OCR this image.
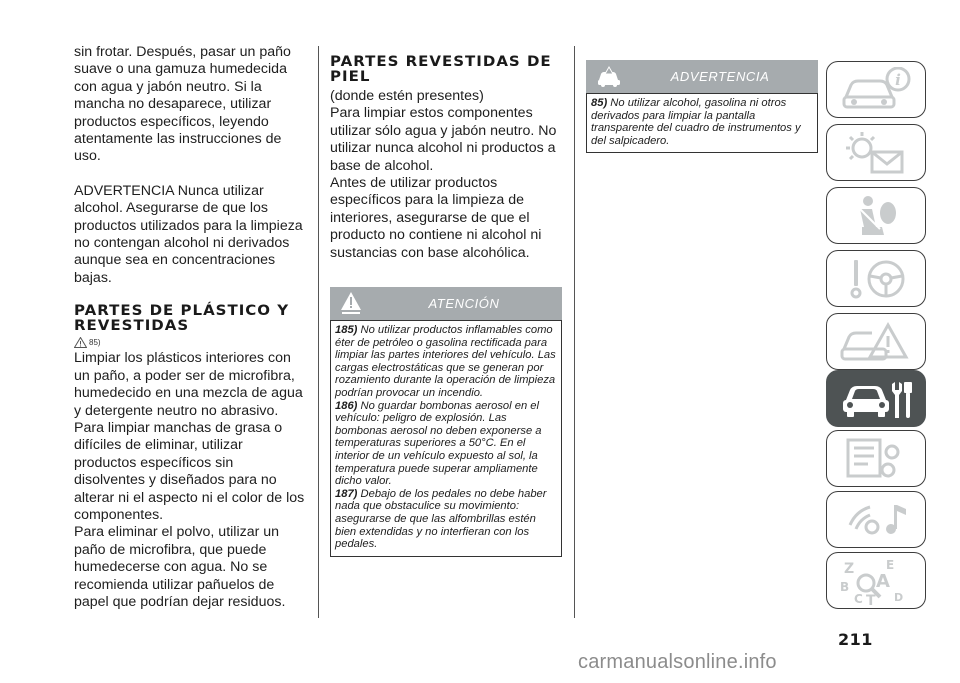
sin frotar. Después, pasar un paño suave o una gamuza humedecida con agua y jabón neutro. Si la mancha no desaparece, utilizar productos específicos, leyendo atentamente las instrucciones de uso.

ADVERTENCIA Nunca utilizar alcohol. Asegurarse de que los productos utilizados para la limpieza no contengan alcohol ni derivados aunque sea en concentraciones bajas.

PARTES DE PLÁSTICO Y REVESTIDAS
85)

Limpiar los plásticos interiores con un paño, a poder ser de microfibra, humedecido en una mezcla de agua y detergente neutro no abrasivo.

Para limpiar manchas de grasa o difíciles de eliminar, utilizar productos específicos sin disolventes y diseñados para no alterar ni el aspecto ni el color de los componentes.

Para eliminar el polvo, utilizar un paño de microfibra, que puede humedecerse con agua. No se recomienda utilizar pañuelos de papel que podrían dejar residuos.

PARTES REVESTIDAS DE PIEL

(donde estén presentes)

Para limpiar estos componentes utilizar sólo agua y jabón neutro. No utilizar nunca alcohol ni productos a base de alcohol.

Antes de utilizar productos específicos para la limpieza de interiores, asegurarse de que el producto no contiene ni alcohol ni sustancias con base alcohólica.

ATENCIÓN

185) No utilizar productos inflamables como éter de petróleo o gasolina rectificada para limpiar las partes interiores del vehículo. Las cargas electrostáticas que se generan por rozamiento durante la operación de limpieza podrían provocar un incendio.

186) No guardar bombonas aerosol en el vehículo: peligro de explosión. Las bombonas aerosol no deben exponerse a temperaturas superiores a 50°C. En el interior de un vehículo expuesto al sol, la temperatura puede superar ampliamente dicho valor.

187) Debajo de los pedales no debe haber nada que obstaculice su movimiento: asegurarse de que las alfombrillas estén bien extendidas y no interfieran con los pedales.

ADVERTENCIA

85) No utilizar alcohol, gasolina ni otros derivados para limpiar la pantalla transparente del cuadro de instrumentos y del salpicadero.

i
Z	E
A
B
C T D
211
carmanualsonline.info
